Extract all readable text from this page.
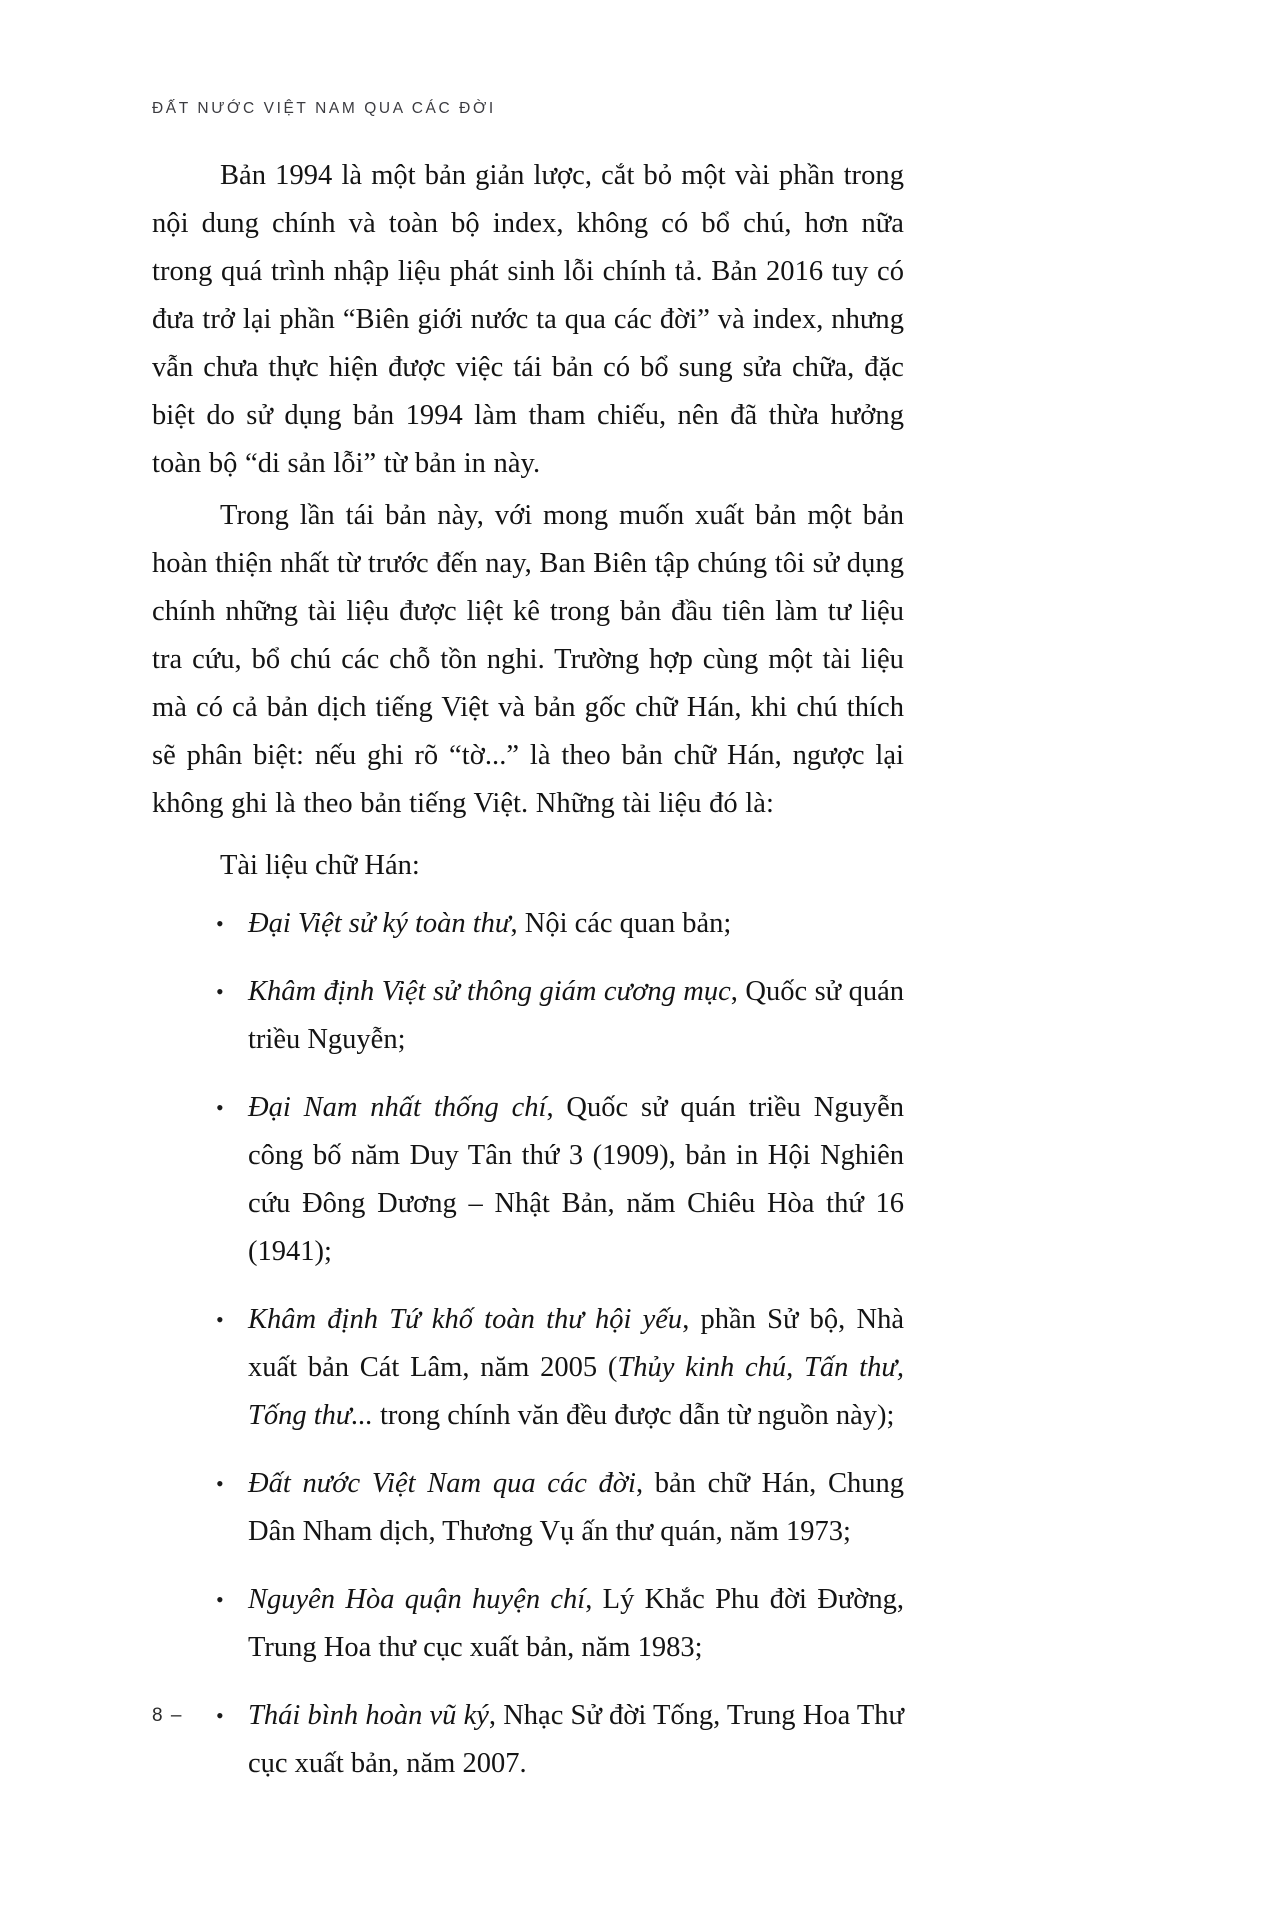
ĐẤT NƯỚC VIỆT NAM QUA CÁC ĐỜI

Bản 1994 là một bản giản lược, cắt bỏ một vài phần trong nội dung chính và toàn bộ index, không có bổ chú, hơn nữa trong quá trình nhập liệu phát sinh lỗi chính tả. Bản 2016 tuy có đưa trở lại phần “Biên giới nước ta qua các đời” và index, nhưng vẫn chưa thực hiện được việc tái bản có bổ sung sửa chữa, đặc biệt do sử dụng bản 1994 làm tham chiếu, nên đã thừa hưởng toàn bộ “di sản lỗi” từ bản in này.

Trong lần tái bản này, với mong muốn xuất bản một bản hoàn thiện nhất từ trước đến nay, Ban Biên tập chúng tôi sử dụng chính những tài liệu được liệt kê trong bản đầu tiên làm tư liệu tra cứu, bổ chú các chỗ tồn nghi. Trường hợp cùng một tài liệu mà có cả bản dịch tiếng Việt và bản gốc chữ Hán, khi chú thích sẽ phân biệt: nếu ghi rõ “tờ...” là theo bản chữ Hán, ngược lại không ghi là theo bản tiếng Việt. Những tài liệu đó là:

Tài liệu chữ Hán:

• Đại Việt sử ký toàn thư, Nội các quan bản;
• Khâm định Việt sử thông giám cương mục, Quốc sử quán triều Nguyễn;
• Đại Nam nhất thống chí, Quốc sử quán triều Nguyễn công bố năm Duy Tân thứ 3 (1909), bản in Hội Nghiên cứu Đông Dương – Nhật Bản, năm Chiêu Hòa thứ 16 (1941);
• Khâm định Tứ khố toàn thư hội yếu, phần Sử bộ, Nhà xuất bản Cát Lâm, năm 2005 (Thủy kinh chú, Tấn thư, Tống thư... trong chính văn đều được dẫn từ nguồn này);
• Đất nước Việt Nam qua các đời, bản chữ Hán, Chung Dân Nham dịch, Thương Vụ ấn thư quán, năm 1973;
• Nguyên Hòa quận huyện chí, Lý Khắc Phu đời Đường, Trung Hoa thư cục xuất bản, năm 1983;
• Thái bình hoàn vũ ký, Nhạc Sử đời Tống, Trung Hoa Thư cục xuất bản, năm 2007.
8 –
